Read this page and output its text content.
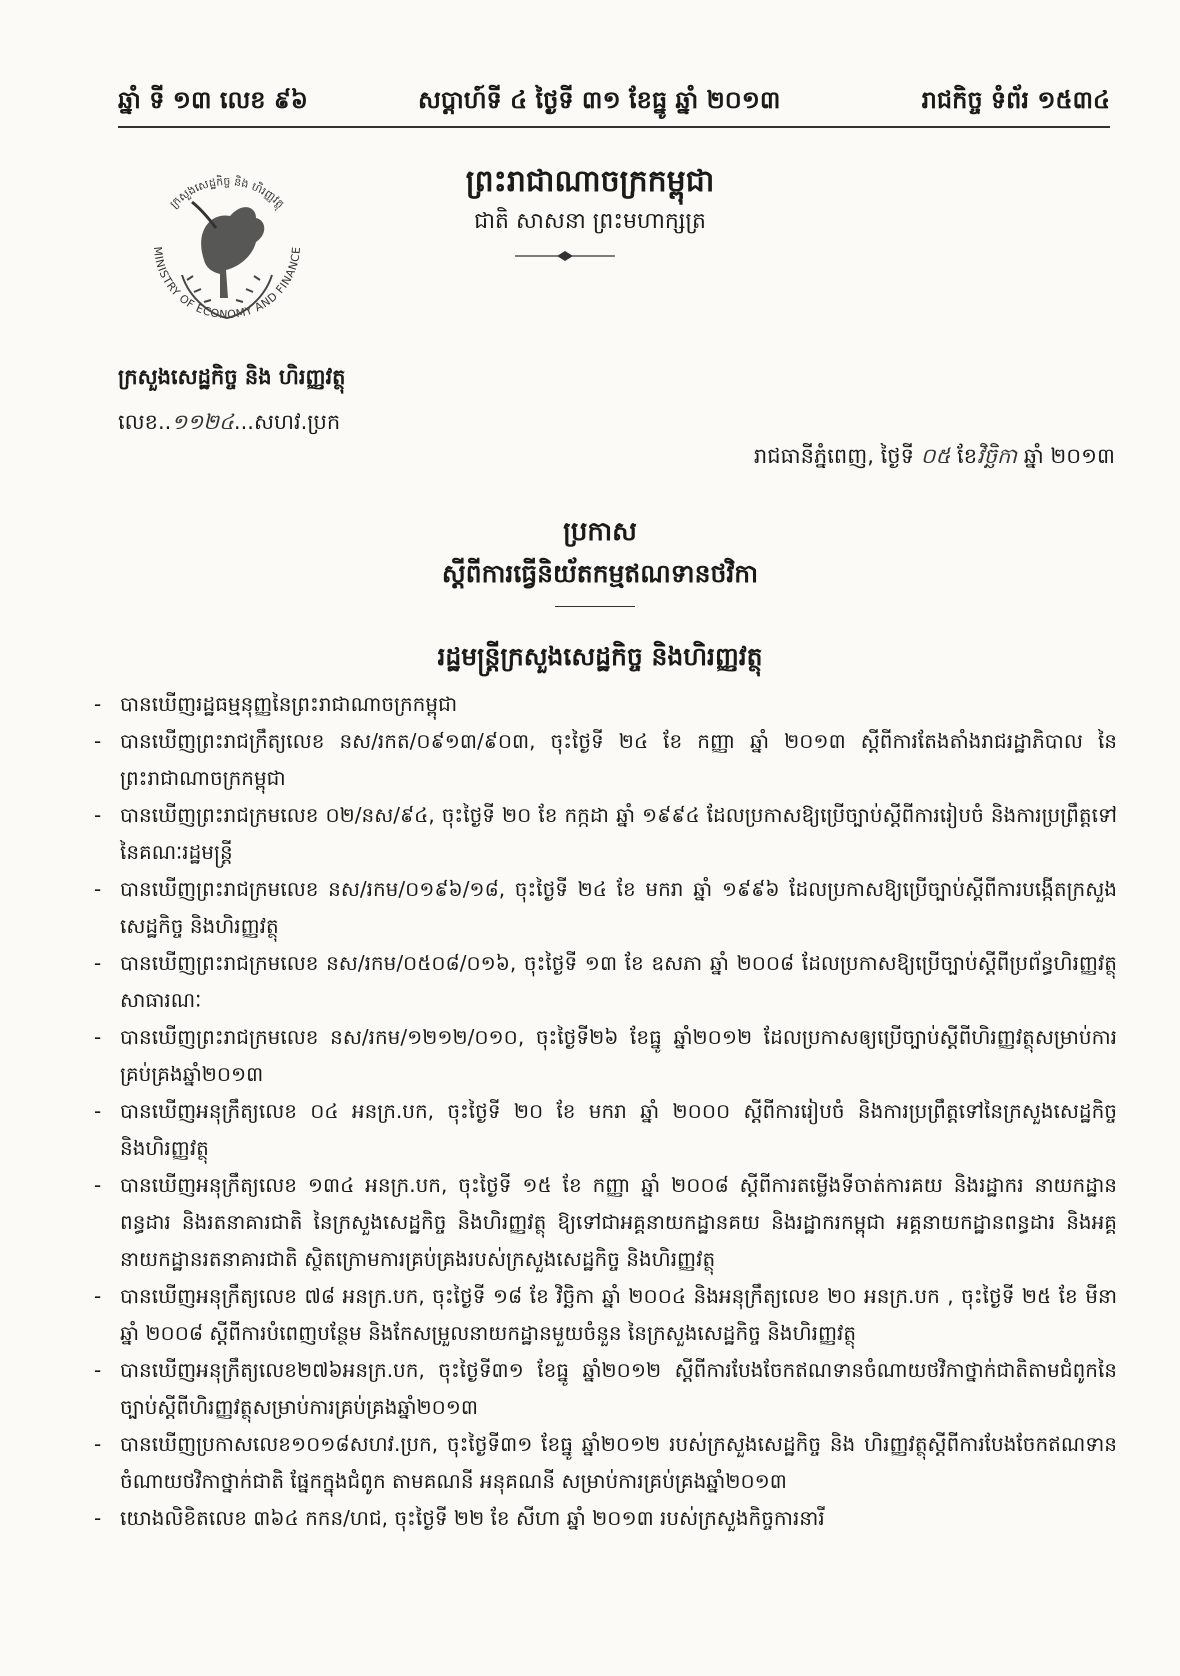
ឆ្នាំ ទី ១៣ លេខ ៩៦	សប្តាហ៍ទី ៤ ថ្ងៃទី ៣១ ខែធ្នូ ឆ្នាំ ២០១៣	រាជកិច្ច ទំព័រ ១៥៣៤
ព្រះរាជាណាចក្រកម្ពុជា
ជាតិ សាសនា ព្រះមហាក្សត្រ
ក្រសួងសេដ្ឋកិច្ច និង ហិរញ្ញវត្ថុ
MINISTRY OF ECONOMY AND FINANCE
ក្រសួងសេដ្ឋកិច្ច និង ហិរញ្ញវត្ថុ
លេខ..១១២៤...សហវ.ប្រក
រាជធានីភ្នំពេញ, ថ្ងៃទី ០៥ ខែវិច្ឆិកា ឆ្នាំ ២០១៣
ប្រកាស
ស្តីពីការធ្វើនិយ័តកម្មឥណទានថវិកា
រដ្ឋមន្ត្រីក្រសួងសេដ្ឋកិច្ច និងហិរញ្ញវត្ថុ
- បានឃើញរដ្ឋធម្មនុញ្ញនៃព្រះរាជាណាចក្រកម្ពុជា
- បានឃើញព្រះរាជក្រឹត្យលេខ នស/រកត/០៩១៣/៩០៣, ចុះថ្ងៃទី ២៤ ខែ កញ្ញា ឆ្នាំ ២០១៣ ស្តីពីការតែងតាំងរាជរដ្ឋាភិបាល នៃព្រះរាជាណាចក្រកម្ពុជា
- បានឃើញព្រះរាជក្រមលេខ ០២/នស/៩៤, ចុះថ្ងៃទី ២០ ខែ កក្កដា ឆ្នាំ ១៩៩៤ ដែលប្រកាសឱ្យប្រើច្បាប់ស្តីពីការរៀបចំ និងការប្រព្រឹត្តទៅ នៃគណៈរដ្ឋមន្ត្រី
- បានឃើញព្រះរាជក្រមលេខ នស/រកម/០១៩៦/១៨, ចុះថ្ងៃទី ២៤ ខែ មករា ឆ្នាំ ១៩៩៦ ដែលប្រកាសឱ្យប្រើច្បាប់ស្តីពីការបង្កើតក្រសួងសេដ្ឋកិច្ច និងហិរញ្ញវត្ថុ
- បានឃើញព្រះរាជក្រមលេខ នស/រកម/០៥០៨/០១៦, ចុះថ្ងៃទី ១៣ ខែ ឧសភា ឆ្នាំ ២០០៨ ដែលប្រកាសឱ្យប្រើច្បាប់ស្តីពីប្រព័ន្ធហិរញ្ញវត្ថុសាធារណៈ
- បានឃើញព្រះរាជក្រមលេខ នស/រកម/១២១២/០១០, ចុះថ្ងៃទី២៦ ខែធ្នូ ឆ្នាំ២០១២ ដែលប្រកាសឲ្យប្រើច្បាប់ស្តីពីហិរញ្ញវត្ថុសម្រាប់ការគ្រប់គ្រងឆ្នាំ២០១៣
- បានឃើញអនុក្រឹត្យលេខ ០៤ អនក្រ.បក, ចុះថ្ងៃទី ២០ ខែ មករា ឆ្នាំ ២០០០ ស្តីពីការរៀបចំ និងការប្រព្រឹត្តទៅនៃក្រសួងសេដ្ឋកិច្ច និងហិរញ្ញវត្ថុ
- បានឃើញអនុក្រឹត្យលេខ ១៣៤ អនក្រ.បក, ចុះថ្ងៃទី ១៥ ខែ កញ្ញា ឆ្នាំ ២០០៨ ស្តីពីការតម្លើងទីចាត់ការគយ និងរដ្ឋាករ នាយកដ្ឋានពន្ធដារ និងរតនាគារជាតិ នៃក្រសួងសេដ្ឋកិច្ច និងហិរញ្ញវត្ថុ ឱ្យទៅជាអគ្គនាយកដ្ឋានគយ និងរដ្ឋាករកម្ពុជា អគ្គនាយកដ្ឋានពន្ធដារ និងអគ្គនាយកដ្ឋានរតនាគារជាតិ ស្ថិតក្រោមការគ្រប់គ្រងរបស់ក្រសួងសេដ្ឋកិច្ច និងហិរញ្ញវត្ថុ
- បានឃើញអនុក្រឹត្យលេខ ៧៨ អនក្រ.បក, ចុះថ្ងៃទី ១៨ ខែ វិច្ឆិកា ឆ្នាំ ២០០៤ និងអនុក្រឹត្យលេខ ២០ អនក្រ.បក , ចុះថ្ងៃទី ២៥ ខែ មីនា ឆ្នាំ ២០០៨ ស្តីពីការបំពេញបន្ថែម និងកែសម្រួលនាយកដ្ឋានមួយចំនួន នៃក្រសួងសេដ្ឋកិច្ច និងហិរញ្ញវត្ថុ
- បានឃើញអនុក្រឹត្យលេខ២៧៦អនក្រ.បក, ចុះថ្ងៃទី៣១ ខែធ្នូ ឆ្នាំ២០១២ ស្តីពីការបែងចែកឥណទានចំណាយថវិកាថ្នាក់ជាតិតាមជំពូកនៃច្បាប់ស្តីពីហិរញ្ញវត្ថុសម្រាប់ការគ្រប់គ្រងឆ្នាំ២០១៣
- បានឃើញប្រកាសលេខ១០១៨សហវ.ប្រក, ចុះថ្ងៃទី៣១ ខែធ្នូ ឆ្នាំ២០១២ របស់ក្រសួងសេដ្ឋកិច្ច និង ហិរញ្ញវត្ថុស្តីពីការបែងចែកឥណទានចំណាយថវិកាថ្នាក់ជាតិ ផ្នែកក្នុងជំពូក តាមគណនី អនុគណនី សម្រាប់ការគ្រប់គ្រងឆ្នាំ២០១៣
- យោងលិខិតលេខ ៣៦៤ កកន/ហជ, ចុះថ្ងៃទី ២២ ខែ សីហា ឆ្នាំ ២០១៣ របស់ក្រសួងកិច្ចការនារី
